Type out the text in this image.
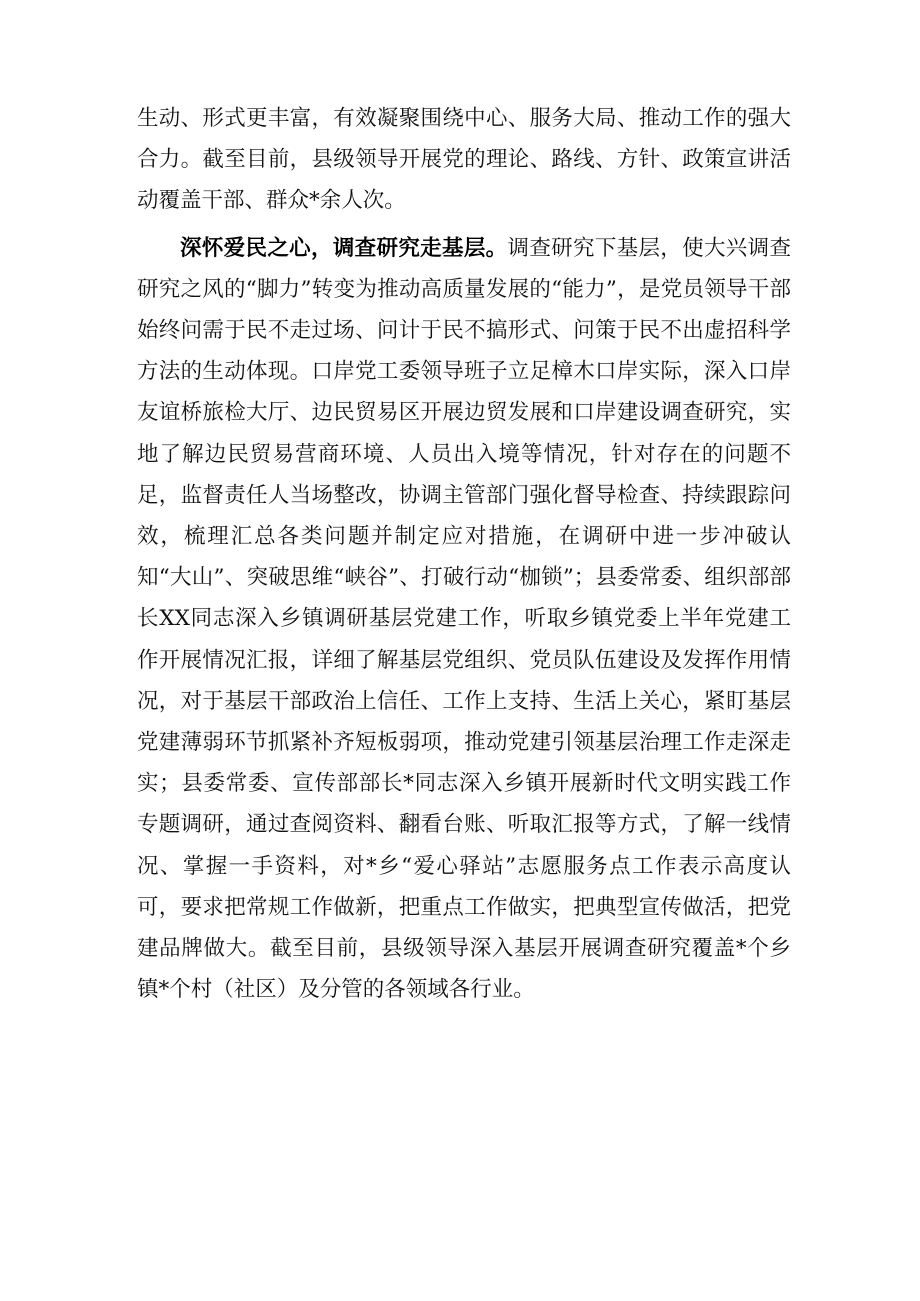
生动、形式更丰富，有效凝聚围绕中心、服务大局、推动工作的强大合力。截至目前，县级领导开展党的理论、路线、方针、政策宣讲活动覆盖干部、群众*余人次。

深怀爱民之心，调查研究走基层。调查研究下基层，使大兴调查研究之风的“脚力”转变为推动高质量发展的“能力”，是党员领导干部始终问需于民不走过场、问计于民不搞形式、问策于民不出虚招科学方法的生动体现。口岸党工委领导班子立足樟木口岸实际，深入口岸友谊桥旅检大厅、边民贸易区开展边贸发展和口岸建设调查研究，实地了解边民贸易营商环境、人员出入境等情况，针对存在的问题不足，监督责任人当场整改，协调主管部门强化督导检查、持续跟踪问效，梳理汇总各类问题并制定应对措施，在调研中进一步冲破认知“大山”、突破思维“峡谷”、打破行动“枷锁”；县委常委、组织部部长XX同志深入乡镇调研基层党建工作，听取乡镇党委上半年党建工作开展情况汇报，详细了解基层党组织、党员队伍建设及发挥作用情况，对于基层干部政治上信任、工作上支持、生活上关心，紧盯基层党建薄弱环节抓紧补齐短板弱项，推动党建引领基层治理工作走深走实；县委常委、宣传部部长*同志深入乡镇开展新时代文明实践工作专题调研，通过查阅资料、翻看台账、听取汇报等方式，了解一线情况、掌握一手资料，对*乡“爱心驿站”志愿服务点工作表示高度认可，要求把常规工作做新，把重点工作做实，把典型宣传做活，把党建品牌做大。截至目前，县级领导深入基层开展调查研究覆盖*个乡镇*个村（社区）及分管的各领域各行业。
